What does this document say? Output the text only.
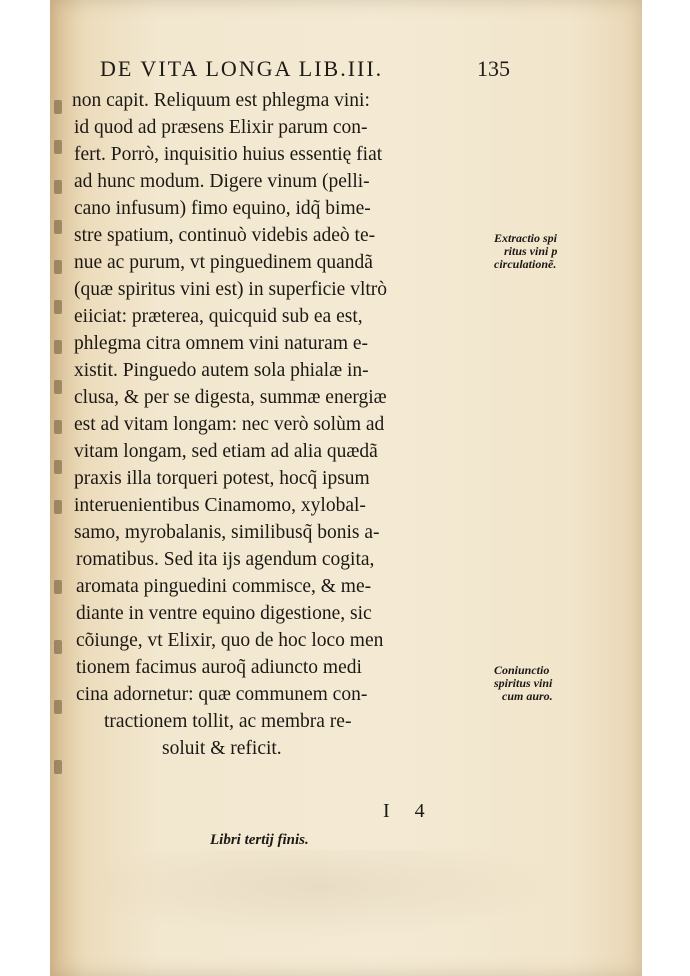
DE VITA LONGA LIB.III.	135
non capit. Reliquum est phlegma vini:
id quod ad præsens Elixir parum con-
fert. Porrò, inquisitio huius essentię fiat
ad hunc modum. Digere vinum (pelli-
cano infusum) fimo equino, idq̃ bime-
stre spatium, continuò videbis adeò te-
nue ac purum, vt pinguedinem quandã
(quæ spiritus vini est) in superficie vltrò
eiiciat: præterea, quicquid sub ea est,
phlegma citra omnem vini naturam e-
xistit. Pinguedo autem sola phialæ in-
clusa, & per se digesta, summæ energiæ
est ad vitam longam: nec verò solùm ad
vitam longam, sed etiam ad alia quædã
praxis illa torqueri potest, hocq̃ ipsum
interuenientibus Cinamomo, xylobal-
samo, myrobalanis, similibusq̃ bonis a-
romatibus. Sed ita ijs agendum cogita,
aromata pinguedini commisce, & me-
diante in ventre equino digestione, sic
cõiunge, vt Elixir, quo de hoc loco men
tionem facimus auroq̃ adiuncto medi
cina adornetur: quæ communem con-
tractionem tollit, ac membra re-
soluit & reficit.
Extractio spi
ritus vini p
circulationẽ.
Coniunctio
spiritus vini
cum auro.
I 4
Libri tertij finis.
